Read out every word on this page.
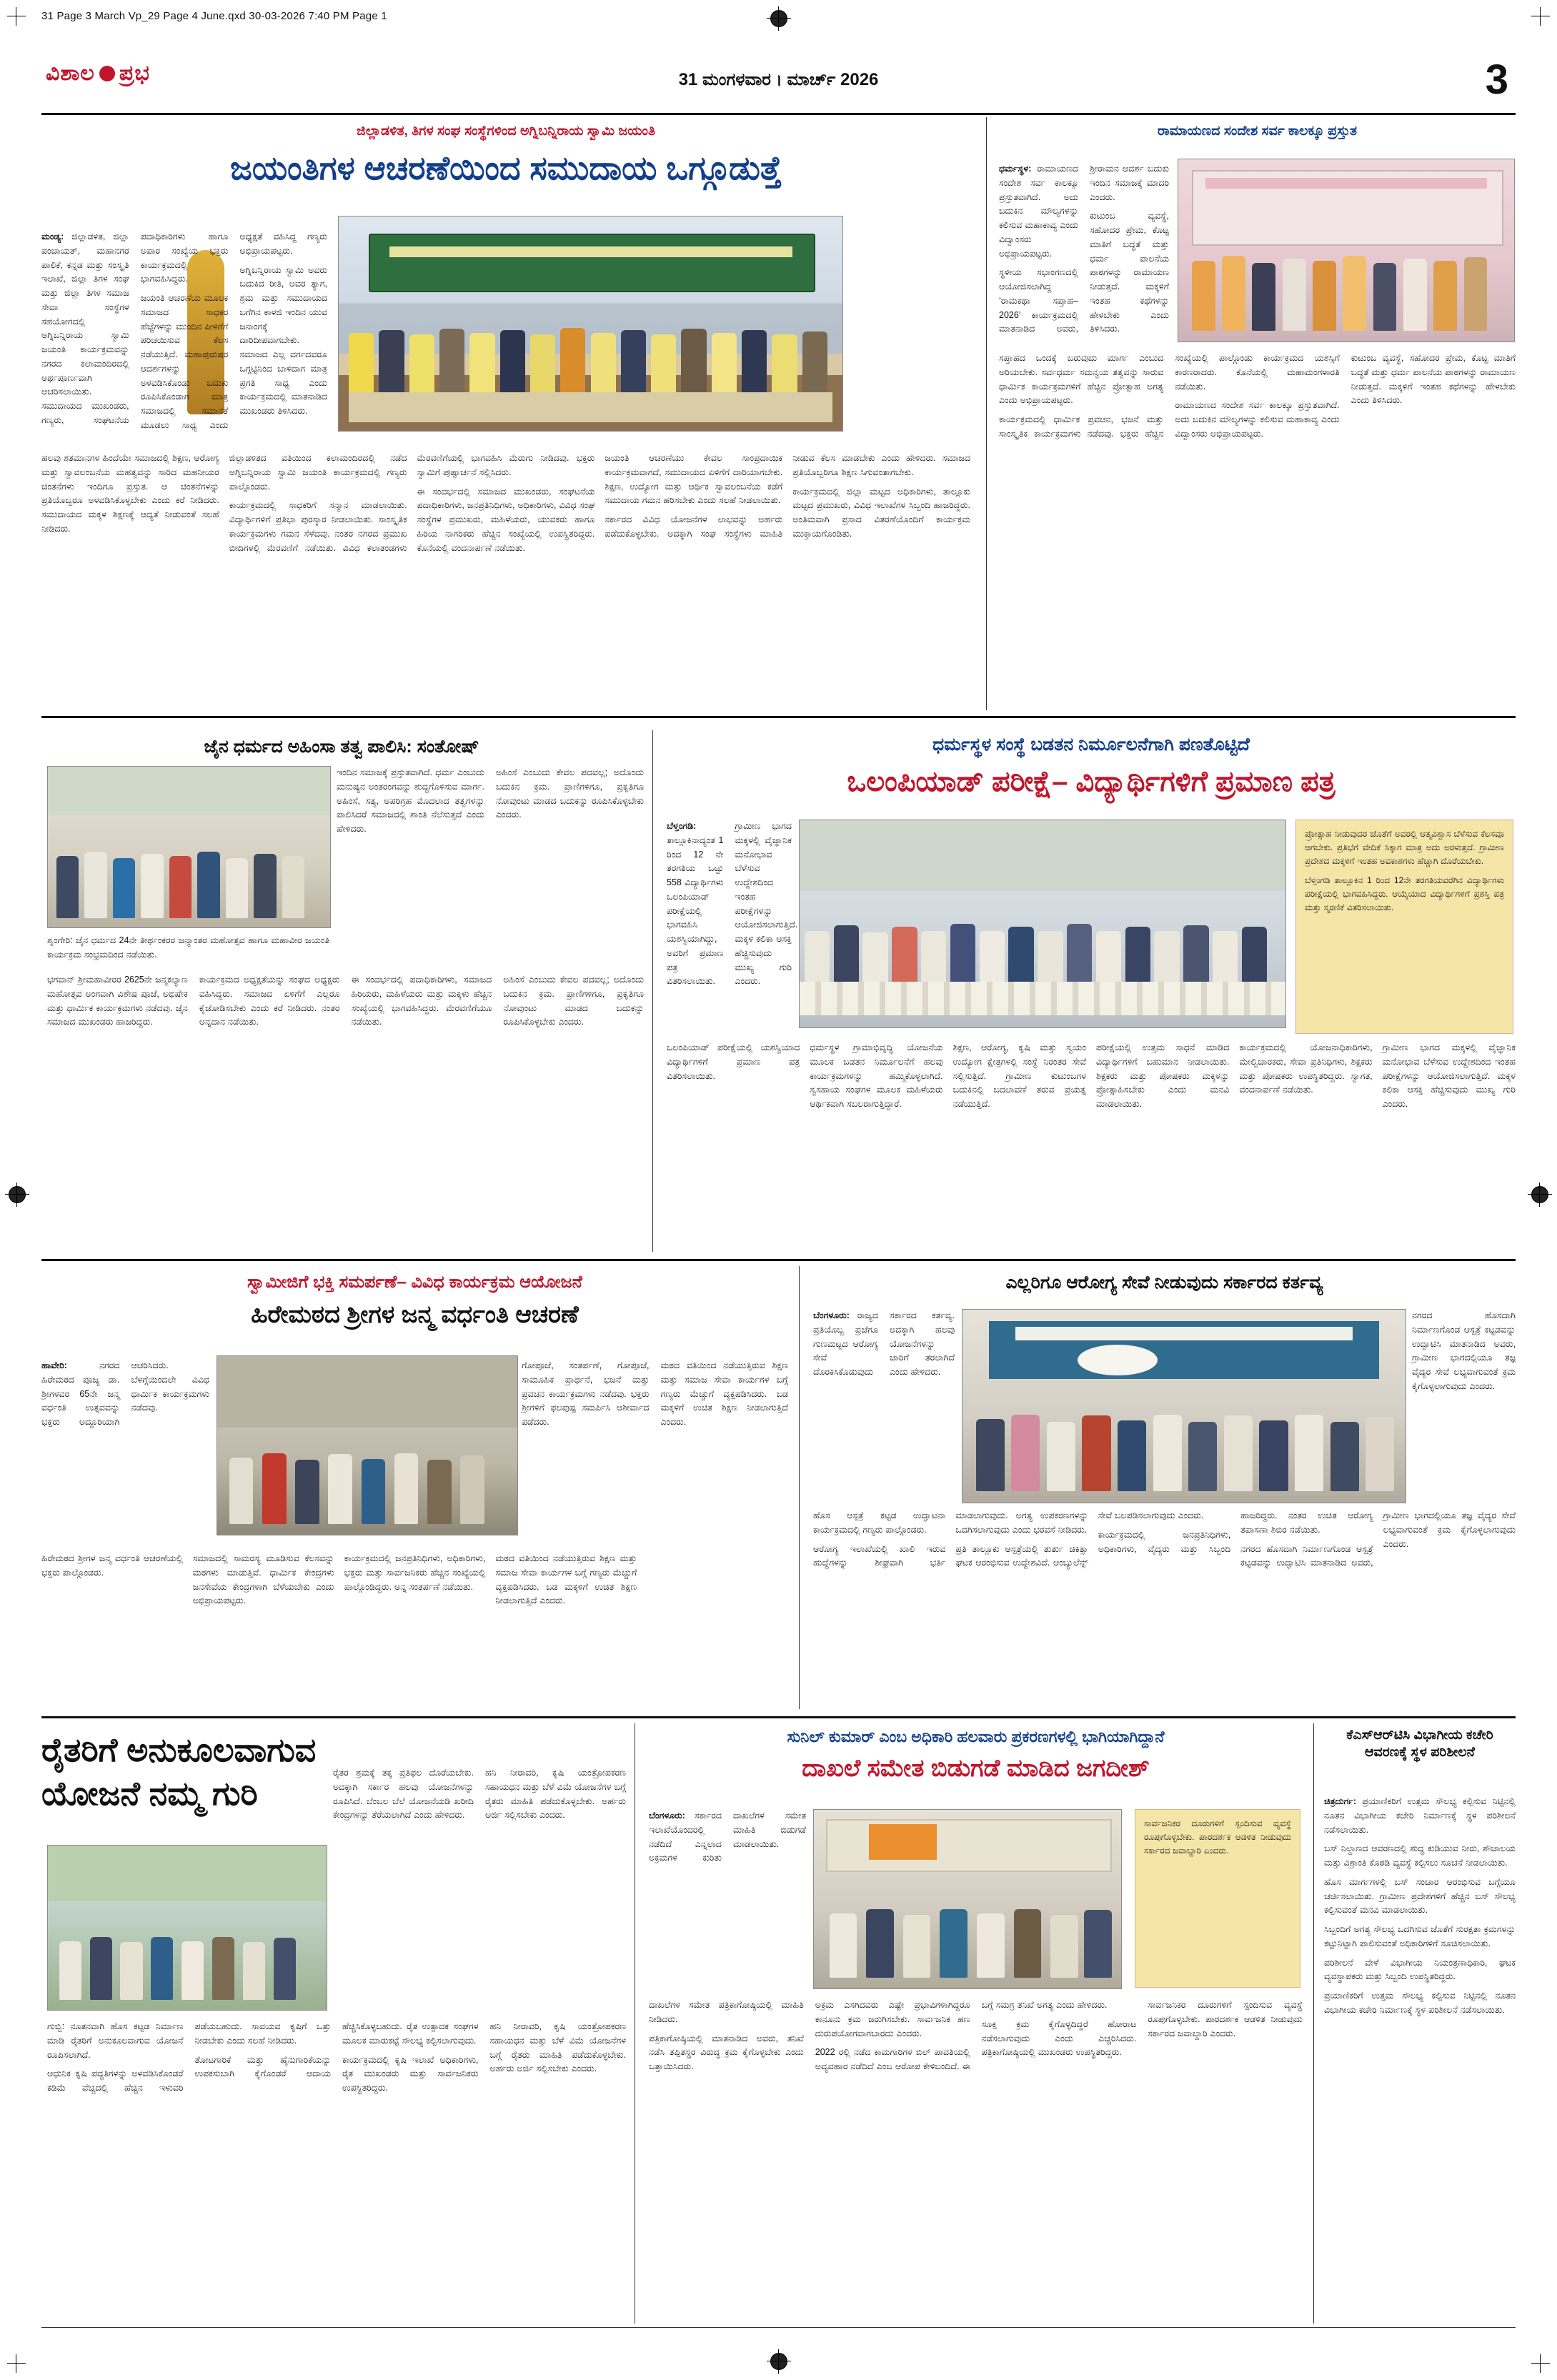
31 Page 3 March Vp_29 Page 4 June.qxd 30-03-2026 7:40 PM Page 1
ವಿಶಾಲ ಪ್ರಭ	31 ಮಂಗಳವಾರ । ಮಾರ್ಚ್ 2026	3
ಜಿಲ್ಲಾಡಳಿತ, ತಿಗಳ ಸಂಘ ಸಂಸ್ಥೆಗಳಿಂದ ಅಗ್ನಿಬನ್ನಿರಾಯ ಸ್ವಾಮಿ ಜಯಂತಿ
ಜಯಂತಿಗಳ ಆಚರಣೆಯಿಂದ ಸಮುದಾಯ ಒಗ್ಗೂಡುತ್ತೆ

ಮಂಡ್ಯ: ಜಿಲ್ಲಾಡಳಿತ, ಜಿಲ್ಲಾ ಪಂಚಾಯತ್, ಮಹಾನಗರ ಪಾಲಿಕೆ, ಕನ್ನಡ ಮತ್ತು ಸಂಸ್ಕೃತಿ ಇಲಾಖೆ, ಜಿಲ್ಲಾ ತಿಗಳ ಸಂಘ ಮತ್ತು ಜಿಲ್ಲಾ ತಿಗಳ ಸಮಾಜ ಸೇವಾ ಸಂಸ್ಥೆಗಳ ಸಹಯೋಗದಲ್ಲಿ ಅಗ್ನಿಬನ್ನಿರಾಯ ಸ್ವಾಮಿ ಜಯಂತಿ ಕಾರ್ಯಕ್ರಮವನ್ನು ನಗರದ ಕಲಾಮಂದಿರದಲ್ಲಿ ಅರ್ಥಪೂರ್ಣವಾಗಿ ಆಚರಿಸಲಾಯಿತು. ಸಮುದಾಯದ ಮುಖಂಡರು, ಗಣ್ಯರು, ಸಂಘಟನೆಯ ಪದಾಧಿಕಾರಿಗಳು ಹಾಗೂ ಅಪಾರ ಸಂಖ್ಯೆಯ ಭಕ್ತರು ಕಾರ್ಯಕ್ರಮದಲ್ಲಿ ಭಾಗವಹಿಸಿದ್ದರು.

ಜಯಂತಿ ಆಚರಣೆಯ ಮೂಲಕ ಸಮಾಜದ ಸಾಧಕರ ಹೆಜ್ಜೆಗಳನ್ನು ಮುಂದಿನ ಪೀಳಿಗೆಗೆ ಪರಿಚಯಿಸುವ ಕೆಲಸ ನಡೆಯುತ್ತಿದೆ. ಮಹಾಪುರುಷರ ಆದರ್ಶಗಳನ್ನು ಅಳವಡಿಸಿಕೊಂಡು ಬದುಕು ರೂಪಿಸಿಕೊಂಡಾಗ ಮಾತ್ರ ಸಮಾಜದಲ್ಲಿ ಸಮಾನತೆ ಮೂಡಲು ಸಾಧ್ಯ ಎಂದು ಅಧ್ಯಕ್ಷತೆ ವಹಿಸಿದ್ದ ಗಣ್ಯರು ಅಭಿಪ್ರಾಯಪಟ್ಟರು.

ಅಗ್ನಿಬನ್ನಿರಾಯ ಸ್ವಾಮಿ ಅವರು ಬದುಕಿದ ರೀತಿ, ಅವರ ತ್ಯಾಗ, ಶ್ರಮ ಮತ್ತು ಸಮುದಾಯದ ಬಗೆಗಿನ ಕಾಳಜಿ ಇಂದಿನ ಯುವ ಜನಾಂಗಕ್ಕೆ ದಾರಿದೀಪವಾಗಬೇಕು. ಸಮಾಜದ ಎಲ್ಲ ವರ್ಗದವರೂ ಒಗ್ಗಟ್ಟಿನಿಂದ ಬಾಳಿದಾಗ ಮಾತ್ರ ಪ್ರಗತಿ ಸಾಧ್ಯ ಎಂದು ಕಾರ್ಯಕ್ರಮದಲ್ಲಿ ಮಾತನಾಡಿದ ಮುಖಂಡರು ತಿಳಿಸಿದರು.

ಹಲವು ಶತಮಾನಗಳ ಹಿಂದೆಯೇ ಸಮಾಜದಲ್ಲಿ ಶಿಕ್ಷಣ, ಆರೋಗ್ಯ ಮತ್ತು ಸ್ವಾವಲಂಬನೆಯ ಮಹತ್ವವನ್ನು ಸಾರಿದ ಮಹನೀಯರ ಚಿಂತನೆಗಳು ಇಂದಿಗೂ ಪ್ರಸ್ತುತ. ಆ ಚಿಂತನೆಗಳನ್ನು ಪ್ರತಿಯೊಬ್ಬರೂ ಅಳವಡಿಸಿಕೊಳ್ಳಬೇಕು ಎಂದು ಕರೆ ನೀಡಿದರು. ಸಮುದಾಯದ ಮಕ್ಕಳ ಶಿಕ್ಷಣಕ್ಕೆ ಆದ್ಯತೆ ನೀಡುವಂತೆ ಸಲಹೆ ನೀಡಿದರು.

ಜಿಲ್ಲಾಡಳಿತದ ವತಿಯಿಂದ ಕಲಾಮಂದಿರದಲ್ಲಿ ನಡೆದ ಅಗ್ನಿಬನ್ನಿರಾಯ ಸ್ವಾಮಿ ಜಯಂತಿ ಕಾರ್ಯಕ್ರಮದಲ್ಲಿ ಗಣ್ಯರು ಪಾಲ್ಗೊಂಡರು.

ಕಾರ್ಯಕ್ರಮದಲ್ಲಿ ಸಾಧಕರಿಗೆ ಸನ್ಮಾನ ಮಾಡಲಾಯಿತು. ವಿದ್ಯಾರ್ಥಿಗಳಿಗೆ ಪ್ರತಿಭಾ ಪುರಸ್ಕಾರ ನೀಡಲಾಯಿತು. ಸಾಂಸ್ಕೃತಿಕ ಕಾರ್ಯಕ್ರಮಗಳು ಗಮನ ಸೆಳೆದವು. ನಂತರ ನಗರದ ಪ್ರಮುಖ ಬೀದಿಗಳಲ್ಲಿ ಮೆರವಣಿಗೆ ನಡೆಯಿತು. ವಿವಿಧ ಕಲಾತಂಡಗಳು ಮೆರವಣಿಗೆಯಲ್ಲಿ ಭಾಗವಹಿಸಿ ಮೆರುಗು ನೀಡಿದವು. ಭಕ್ತರು ಸ್ವಾಮಿಗೆ ಪುಷ್ಪಾರ್ಚನೆ ಸಲ್ಲಿಸಿದರು.

ಈ ಸಂದರ್ಭದಲ್ಲಿ ಸಮಾಜದ ಮುಖಂಡರು, ಸಂಘಟನೆಯ ಪದಾಧಿಕಾರಿಗಳು, ಜನಪ್ರತಿನಿಧಿಗಳು, ಅಧಿಕಾರಿಗಳು, ವಿವಿಧ ಸಂಘ ಸಂಸ್ಥೆಗಳ ಪ್ರಮುಖರು, ಮಹಿಳೆಯರು, ಯುವಕರು ಹಾಗೂ ಹಿರಿಯ ನಾಗರಿಕರು ಹೆಚ್ಚಿನ ಸಂಖ್ಯೆಯಲ್ಲಿ ಉಪಸ್ಥಿತರಿದ್ದರು. ಕೊನೆಯಲ್ಲಿ ವಂದನಾರ್ಪಣೆ ನಡೆಯಿತು.

ಜಯಂತಿ ಆಚರಣೆಯು ಕೇವಲ ಸಾಂಪ್ರದಾಯಿಕ ಕಾರ್ಯಕ್ರಮವಾಗದೆ, ಸಮುದಾಯದ ಏಳಿಗೆಗೆ ದಾರಿಯಾಗಬೇಕು. ಶಿಕ್ಷಣ, ಉದ್ಯೋಗ ಮತ್ತು ಆರ್ಥಿಕ ಸ್ವಾವಲಂಬನೆಯ ಕಡೆಗೆ ಸಮುದಾಯ ಗಮನ ಹರಿಸಬೇಕು ಎಂದು ಸಲಹೆ ನೀಡಲಾಯಿತು.

ಸರ್ಕಾರದ ವಿವಿಧ ಯೋಜನೆಗಳ ಲಾಭವನ್ನು ಅರ್ಹರು ಪಡೆದುಕೊಳ್ಳಬೇಕು. ಅದಕ್ಕಾಗಿ ಸಂಘ ಸಂಸ್ಥೆಗಳು ಮಾಹಿತಿ ನೀಡುವ ಕೆಲಸ ಮಾಡಬೇಕು ಎಂದು ಹೇಳಿದರು. ಸಮಾಜದ ಪ್ರತಿಯೊಬ್ಬರಿಗೂ ಶಿಕ್ಷಣ ಸಿಗುವಂತಾಗಬೇಕು.

ಕಾರ್ಯಕ್ರಮದಲ್ಲಿ ಜಿಲ್ಲಾ ಮಟ್ಟದ ಅಧಿಕಾರಿಗಳು, ತಾಲ್ಲೂಕು ಮಟ್ಟದ ಪ್ರಮುಖರು, ವಿವಿಧ ಇಲಾಖೆಗಳ ಸಿಬ್ಬಂದಿ ಹಾಜರಿದ್ದರು. ಅಂತಿಮವಾಗಿ ಪ್ರಸಾದ ವಿತರಣೆಯೊಂದಿಗೆ ಕಾರ್ಯಕ್ರಮ ಮುಕ್ತಾಯಗೊಂಡಿತು.

ರಾಮಾಯಣದ ಸಂದೇಶ ಸರ್ವ ಕಾಲಕ್ಕೂ ಪ್ರಸ್ತುತ

ಧರ್ಮಸ್ಥಳ: ರಾಮಾಯಣದ ಸಂದೇಶ ಸರ್ವ ಕಾಲಕ್ಕೂ ಪ್ರಸ್ತುತವಾಗಿದೆ. ಅದು ಬದುಕಿನ ಮೌಲ್ಯಗಳನ್ನು ಕಲಿಸುವ ಮಹಾಕಾವ್ಯ ಎಂದು ವಿದ್ವಾಂಸರು ಅಭಿಪ್ರಾಯಪಟ್ಟರು.

ಸ್ಥಳೀಯ ಸಭಾಂಗಣದಲ್ಲಿ ಆಯೋಜಿಸಲಾಗಿದ್ದ ‘ರಾಮಕಥಾ ಸಪ್ತಾಹ–2026’ ಕಾರ್ಯಕ್ರಮದಲ್ಲಿ ಮಾತನಾಡಿದ ಅವರು, ಶ್ರೀರಾಮನ ಆದರ್ಶ ಬದುಕು ಇಂದಿನ ಸಮಾಜಕ್ಕೆ ಮಾದರಿ ಎಂದರು.

ಕುಟುಂಬ ವ್ಯವಸ್ಥೆ, ಸಹೋದರ ಪ್ರೇಮ, ಕೊಟ್ಟ ಮಾತಿಗೆ ಬದ್ಧತೆ ಮತ್ತು ಧರ್ಮ ಪಾಲನೆಯ ಪಾಠಗಳನ್ನು ರಾಮಾಯಣ ನೀಡುತ್ತದೆ. ಮಕ್ಕಳಿಗೆ ಇಂತಹ ಕಥೆಗಳನ್ನು ಹೇಳಬೇಕು ಎಂದು ತಿಳಿಸಿದರು.

ಸಪ್ತಾಹದ ಒಂದಕ್ಕೆ ಬರುವುದು ಮಾರ್ಗ ಎಂಬುದ ಅರಿಯಬೇಕು. ಸರ್ವಧರ್ಮ ಸಮನ್ವಯ ತತ್ವವನ್ನು ಸಾರುವ ಧಾರ್ಮಿಕ ಕಾರ್ಯಕ್ರಮಗಳಿಗೆ ಹೆಚ್ಚಿನ ಪ್ರೋತ್ಸಾಹ ಅಗತ್ಯ ಎಂದು ಅಭಿಪ್ರಾಯಪಟ್ಟರು.

ಕಾರ್ಯಕ್ರಮದಲ್ಲಿ ಧಾರ್ಮಿಕ ಪ್ರವಚನ, ಭಜನೆ ಮತ್ತು ಸಾಂಸ್ಕೃತಿಕ ಕಾರ್ಯಕ್ರಮಗಳು ನಡೆದವು. ಭಕ್ತರು ಹೆಚ್ಚಿನ ಸಂಖ್ಯೆಯಲ್ಲಿ ಪಾಲ್ಗೊಂಡು ಕಾರ್ಯಕ್ರಮದ ಯಶಸ್ಸಿಗೆ ಕಾರಣರಾದರು. ಕೊನೆಯಲ್ಲಿ ಮಹಾಮಂಗಳಾರತಿ ನಡೆಯಿತು.

ರಾಮಾಯಣದ ಸಂದೇಶ ಸರ್ವ ಕಾಲಕ್ಕೂ ಪ್ರಸ್ತುತವಾಗಿದೆ. ಅದು ಬದುಕಿನ ಮೌಲ್ಯಗಳನ್ನು ಕಲಿಸುವ ಮಹಾಕಾವ್ಯ ಎಂದು ವಿದ್ವಾಂಸರು ಅಭಿಪ್ರಾಯಪಟ್ಟರು.

ಕುಟುಂಬ ವ್ಯವಸ್ಥೆ, ಸಹೋದರ ಪ್ರೇಮ, ಕೊಟ್ಟ ಮಾತಿಗೆ ಬದ್ಧತೆ ಮತ್ತು ಧರ್ಮ ಪಾಲನೆಯ ಪಾಠಗಳನ್ನು ರಾಮಾಯಣ ನೀಡುತ್ತದೆ. ಮಕ್ಕಳಿಗೆ ಇಂತಹ ಕಥೆಗಳನ್ನು ಹೇಳಬೇಕು ಎಂದು ತಿಳಿಸಿದರು.

ಜೈನ ಧರ್ಮದ ಅಹಿಂಸಾ ತತ್ವ ಪಾಲಿಸಿ: ಸಂತೋಷ್

ಶೃಂಗೇರಿ: ಜೈನ ಧರ್ಮದ 24ನೇ ತೀರ್ಥಂಕರರ ಜನ್ಮಾಂತರ ಮಹೋತ್ಸವ ಹಾಗೂ ಮಹಾವೀರ ಜಯಂತಿ ಕಾರ್ಯಕ್ರಮ ಸಂಭ್ರಮದಿಂದ ನಡೆಯಿತು.

ಇಂದಿನ ಸಮಾಜಕ್ಕೆ ಪ್ರಸ್ತುತವಾಗಿದೆ. ಧರ್ಮ ಎಂಬುದು ಮನುಷ್ಯನ ಅಂತರಂಗವನ್ನು ಶುದ್ಧಗೊಳಿಸುವ ಮಾರ್ಗ. ಅಹಿಂಸೆ, ಸತ್ಯ, ಅಪರಿಗ್ರಹ ಮೊದಲಾದ ತತ್ವಗಳನ್ನು ಪಾಲಿಸಿದರೆ ಸಮಾಜದಲ್ಲಿ ಶಾಂತಿ ನೆಲೆಸುತ್ತದೆ ಎಂದು ಹೇಳಿದರು.

ಅಹಿಂಸೆ ಎಂಬುದು ಕೇವಲ ಪದವಲ್ಲ; ಅದೊಂದು ಬದುಕಿನ ಕ್ರಮ. ಪ್ರಾಣಿಗಳಿಗೂ, ಪ್ರಕೃತಿಗೂ ನೋವುಂಟು ಮಾಡದ ಬದುಕನ್ನು ರೂಪಿಸಿಕೊಳ್ಳಬೇಕು ಎಂದರು.

ಭಗವಾನ್ ಶ್ರೀಮಹಾವೀರರ 2625ನೇ ಜನ್ಮಕಲ್ಯಾಣ ಮಹೋತ್ಸವ ಅಂಗವಾಗಿ ವಿಶೇಷ ಪೂಜೆ, ಅಭಿಷೇಕ ಮತ್ತು ಧಾರ್ಮಿಕ ಕಾರ್ಯಕ್ರಮಗಳು ನಡೆದವು. ಜೈನ ಸಮಾಜದ ಮುಖಂಡರು ಹಾಜರಿದ್ದರು.

ಕಾರ್ಯಕ್ರಮದ ಅಧ್ಯಕ್ಷತೆಯನ್ನು ಸಂಘದ ಅಧ್ಯಕ್ಷರು ವಹಿಸಿದ್ದರು. ಸಮಾಜದ ಏಳಿಗೆಗೆ ಎಲ್ಲರೂ ಕೈಜೋಡಿಸಬೇಕು ಎಂದು ಕರೆ ನೀಡಿದರು. ನಂತರ ಅನ್ನದಾನ ನಡೆಯಿತು.

ಈ ಸಂದರ್ಭದಲ್ಲಿ ಪದಾಧಿಕಾರಿಗಳು, ಸಮಾಜದ ಹಿರಿಯರು, ಮಹಿಳೆಯರು ಮತ್ತು ಮಕ್ಕಳು ಹೆಚ್ಚಿನ ಸಂಖ್ಯೆಯಲ್ಲಿ ಭಾಗವಹಿಸಿದ್ದರು. ಮೆರವಣಿಗೆಯೂ ನಡೆಯಿತು.

ಅಹಿಂಸೆ ಎಂಬುದು ಕೇವಲ ಪದವಲ್ಲ; ಅದೊಂದು ಬದುಕಿನ ಕ್ರಮ. ಪ್ರಾಣಿಗಳಿಗೂ, ಪ್ರಕೃತಿಗೂ ನೋವುಂಟು ಮಾಡದ ಬದುಕನ್ನು ರೂಪಿಸಿಕೊಳ್ಳಬೇಕು ಎಂದರು.

ಧರ್ಮಸ್ಥಳ ಸಂಸ್ಥೆ ಬಡತನ ನಿರ್ಮೂಲನೆಗಾಗಿ ಪಣತೊಟ್ಟಿದೆ
ಒಲಂಪಿಯಾಡ್ ಪರೀಕ್ಷೆ– ವಿದ್ಯಾರ್ಥಿಗಳಿಗೆ ಪ್ರಮಾಣ ಪತ್ರ
ಪ್ರೋತ್ಸಾಹ ನೀಡುವುದರ ಜೊತೆಗೆ ಅವರಲ್ಲಿ ಆತ್ಮವಿಶ್ವಾಸ ಬೆಳೆಸುವ ಕೆಲಸವೂ ಆಗಬೇಕು. ಪ್ರತಿಭೆಗೆ ವೇದಿಕೆ ಸಿಕ್ಕಾಗ ಮಾತ್ರ ಅದು ಅರಳುತ್ತದೆ. ಗ್ರಾಮೀಣ ಪ್ರದೇಶದ ಮಕ್ಕಳಿಗೆ ಇಂತಹ ಅವಕಾಶಗಳು ಹೆಚ್ಚಾಗಿ ದೊರೆಯಬೇಕು.
ಬೆಳ್ತಂಗಡಿ ತಾಲ್ಲೂಕಿನ 1 ರಿಂದ 12ನೇ ತರಗತಿಯವರೆಗಿನ ವಿದ್ಯಾರ್ಥಿಗಳು ಪರೀಕ್ಷೆಯಲ್ಲಿ ಭಾಗವಹಿಸಿದ್ದರು. ಆಯ್ಕೆಯಾದ ವಿದ್ಯಾರ್ಥಿಗಳಿಗೆ ಪ್ರಶಸ್ತಿ ಪತ್ರ ಮತ್ತು ಸ್ಮರಣಿಕೆ ವಿತರಿಸಲಾಯಿತು.

ಬೆಳ್ತಂಗಡಿ: ತಾಲ್ಲೂಕಿನಾದ್ಯಂತ 1 ರಿಂದ 12 ನೇ ತರಗತಿಯ ಒಟ್ಟು 558 ವಿದ್ಯಾರ್ಥಿಗಳು ಒಲಂಪಿಯಾಡ್ ಪರೀಕ್ಷೆಯಲ್ಲಿ ಭಾಗವಹಿಸಿ ಯಶಸ್ವಿಯಾಗಿದ್ದು, ಅವರಿಗೆ ಪ್ರಮಾಣ ಪತ್ರ ವಿತರಿಸಲಾಯಿತು.

ಗ್ರಾಮೀಣ ಭಾಗದ ಮಕ್ಕಳಲ್ಲಿ ವೈಜ್ಞಾನಿಕ ಮನೋಭಾವ ಬೆಳೆಸುವ ಉದ್ದೇಶದಿಂದ ಇಂತಹ ಪರೀಕ್ಷೆಗಳನ್ನು ಆಯೋಜಿಸಲಾಗುತ್ತಿದೆ. ಮಕ್ಕಳ ಕಲಿಕಾ ಆಸಕ್ತಿ ಹೆಚ್ಚಿಸುವುದು ಮುಖ್ಯ ಗುರಿ ಎಂದರು.

ಒಲಂಪಿಯಾಡ್ ಪರೀಕ್ಷೆಯಲ್ಲಿ ಯಶಸ್ವಿಯಾದ ವಿದ್ಯಾರ್ಥಿಗಳಿಗೆ ಪ್ರಮಾಣ ಪತ್ರ ವಿತರಿಸಲಾಯಿತು.

ಧರ್ಮಸ್ಥಳ ಗ್ರಾಮಾಭಿವೃದ್ಧಿ ಯೋಜನೆಯ ಮೂಲಕ ಬಡತನ ನಿರ್ಮೂಲನೆಗೆ ಹಲವು ಕಾರ್ಯಕ್ರಮಗಳನ್ನು ಹಮ್ಮಿಕೊಳ್ಳಲಾಗಿದೆ. ಸ್ವಸಹಾಯ ಸಂಘಗಳ ಮೂಲಕ ಮಹಿಳೆಯರು ಆರ್ಥಿಕವಾಗಿ ಸಬಲರಾಗುತ್ತಿದ್ದಾರೆ.

ಶಿಕ್ಷಣ, ಆರೋಗ್ಯ, ಕೃಷಿ ಮತ್ತು ಸ್ವಯಂ ಉದ್ಯೋಗ ಕ್ಷೇತ್ರಗಳಲ್ಲಿ ಸಂಸ್ಥೆ ನಿರಂತರ ಸೇವೆ ಸಲ್ಲಿಸುತ್ತಿದೆ. ಗ್ರಾಮೀಣ ಕುಟುಂಬಗಳ ಬದುಕಿನಲ್ಲಿ ಬದಲಾವಣೆ ತರುವ ಪ್ರಯತ್ನ ನಡೆಯುತ್ತಿದೆ.

ಪರೀಕ್ಷೆಯಲ್ಲಿ ಉತ್ತಮ ಸಾಧನೆ ಮಾಡಿದ ವಿದ್ಯಾರ್ಥಿಗಳಿಗೆ ಬಹುಮಾನ ನೀಡಲಾಯಿತು. ಶಿಕ್ಷಕರು ಮತ್ತು ಪೋಷಕರು ಮಕ್ಕಳನ್ನು ಪ್ರೋತ್ಸಾಹಿಸಬೇಕು ಎಂದು ಮನವಿ ಮಾಡಲಾಯಿತು.

ಕಾರ್ಯಕ್ರಮದಲ್ಲಿ ಯೋಜನಾಧಿಕಾರಿಗಳು, ಮೇಲ್ವಿಚಾರಕರು, ಸೇವಾ ಪ್ರತಿನಿಧಿಗಳು, ಶಿಕ್ಷಕರು ಮತ್ತು ಪೋಷಕರು ಉಪಸ್ಥಿತರಿದ್ದರು. ಸ್ವಾಗತ, ವಂದನಾರ್ಪಣೆ ನಡೆಯಿತು.

ಗ್ರಾಮೀಣ ಭಾಗದ ಮಕ್ಕಳಲ್ಲಿ ವೈಜ್ಞಾನಿಕ ಮನೋಭಾವ ಬೆಳೆಸುವ ಉದ್ದೇಶದಿಂದ ಇಂತಹ ಪರೀಕ್ಷೆಗಳನ್ನು ಆಯೋಜಿಸಲಾಗುತ್ತಿದೆ. ಮಕ್ಕಳ ಕಲಿಕಾ ಆಸಕ್ತಿ ಹೆಚ್ಚಿಸುವುದು ಮುಖ್ಯ ಗುರಿ ಎಂದರು.

ಸ್ವಾಮೀಜಿಗೆ ಭಕ್ತಿ ಸಮರ್ಪಣೆ– ವಿವಿಧ ಕಾರ್ಯಕ್ರಮ ಆಯೋಜನೆ
ಹಿರೇಮಠದ ಶ್ರೀಗಳ ಜನ್ಮ ವರ್ಧಂತಿ ಆಚರಣೆ

ಹಾವೇರಿ:	ನಗರದ ಹಿರೇಮಠದ ಪೂಜ್ಯ ಡಾ. ಶ್ರೀಗಳವರ 65ನೇ ಜನ್ಮ ವರ್ಧಂತಿ ಉತ್ಸವವನ್ನು ಭಕ್ತರು ಅದ್ದೂರಿಯಾಗಿ ಆಚರಿಸಿದರು. ಬೆಳಗ್ಗೆಯಿಂದಲೇ ವಿವಿಧ ಧಾರ್ಮಿಕ ಕಾರ್ಯಕ್ರಮಗಳು ನಡೆದವು.

ಗೋಪೂಜೆ, ಸಂತರ್ಪಣೆ, ಗೋಪೂಜೆ, ಸಾಮೂಹಿಕ ಪ್ರಾರ್ಥನೆ, ಭಜನೆ ಮತ್ತು ಪ್ರವಚನ ಕಾರ್ಯಕ್ರಮಗಳು ನಡೆದವು. ಭಕ್ತರು ಶ್ರೀಗಳಿಗೆ ಫಲಪುಷ್ಪ ಸಮರ್ಪಿಸಿ ಆಶೀರ್ವಾದ ಪಡೆದರು.

ಮಠದ ವತಿಯಿಂದ ನಡೆಯುತ್ತಿರುವ ಶಿಕ್ಷಣ ಮತ್ತು ಸಮಾಜ ಸೇವಾ ಕಾರ್ಯಗಳ ಬಗ್ಗೆ ಗಣ್ಯರು ಮೆಚ್ಚುಗೆ ವ್ಯಕ್ತಪಡಿಸಿದರು. ಬಡ ಮಕ್ಕಳಿಗೆ ಉಚಿತ ಶಿಕ್ಷಣ ನೀಡಲಾಗುತ್ತಿದೆ ಎಂದರು.

ಹಿರೇಮಠದ ಶ್ರೀಗಳ ಜನ್ಮ ವರ್ಧಂತಿ ಆಚರಣೆಯಲ್ಲಿ ಭಕ್ತರು ಪಾಲ್ಗೊಂಡರು.

ಸಮಾಜದಲ್ಲಿ ಸಾಮರಸ್ಯ ಮೂಡಿಸುವ ಕೆಲಸವನ್ನು ಮಠಗಳು ಮಾಡುತ್ತಿವೆ. ಧಾರ್ಮಿಕ ಕೇಂದ್ರಗಳು ಜನಸೇವೆಯ ಕೇಂದ್ರಗಳಾಗಿ ಬೆಳೆಯಬೇಕು ಎಂದು ಅಭಿಪ್ರಾಯಪಟ್ಟರು.

ಕಾರ್ಯಕ್ರಮದಲ್ಲಿ ಜನಪ್ರತಿನಿಧಿಗಳು, ಅಧಿಕಾರಿಗಳು, ಭಕ್ತರು ಮತ್ತು ಸಾರ್ವಜನಿಕರು ಹೆಚ್ಚಿನ ಸಂಖ್ಯೆಯಲ್ಲಿ ಪಾಲ್ಗೊಂಡಿದ್ದರು. ಅನ್ನ ಸಂತರ್ಪಣೆ ನಡೆಯಿತು.

ಮಠದ ವತಿಯಿಂದ ನಡೆಯುತ್ತಿರುವ ಶಿಕ್ಷಣ ಮತ್ತು ಸಮಾಜ ಸೇವಾ ಕಾರ್ಯಗಳ ಬಗ್ಗೆ ಗಣ್ಯರು ಮೆಚ್ಚುಗೆ ವ್ಯಕ್ತಪಡಿಸಿದರು. ಬಡ ಮಕ್ಕಳಿಗೆ ಉಚಿತ ಶಿಕ್ಷಣ ನೀಡಲಾಗುತ್ತಿದೆ ಎಂದರು.

ಎಲ್ಲರಿಗೂ ಆರೋಗ್ಯ ಸೇವೆ ನೀಡುವುದು ಸರ್ಕಾರದ ಕರ್ತವ್ಯ

ಬೆಂಗಳೂರು: ರಾಜ್ಯದ ಪ್ರತಿಯೊಬ್ಬ ಪ್ರಜೆಗೂ ಗುಣಮಟ್ಟದ ಆರೋಗ್ಯ ಸೇವೆ ದೊರಕಿಸಿಕೊಡುವುದು ಸರ್ಕಾರದ ಕರ್ತವ್ಯ. ಅದಕ್ಕಾಗಿ ಹಲವು ಯೋಜನೆಗಳನ್ನು ಜಾರಿಗೆ ತರಲಾಗಿದೆ ಎಂದು ಹೇಳಿದರು.

ನಗರದ ಹೊಸದಾಗಿ ನಿರ್ಮಾಣಗೊಂಡ ಆಸ್ಪತ್ರೆ ಕಟ್ಟಡವನ್ನು ಉದ್ಘಾಟಿಸಿ ಮಾತನಾಡಿದ ಅವರು, ಗ್ರಾಮೀಣ ಭಾಗದಲ್ಲಿಯೂ ತಜ್ಞ ವೈದ್ಯರ ಸೇವೆ ಲಭ್ಯವಾಗುವಂತೆ ಕ್ರಮ ಕೈಗೊಳ್ಳಲಾಗುವುದು ಎಂದರು.

ಹೊಸ ಆಸ್ಪತ್ರೆ ಕಟ್ಟಡ ಉದ್ಘಾಟನಾ ಕಾರ್ಯಕ್ರಮದಲ್ಲಿ ಗಣ್ಯರು ಪಾಲ್ಗೊಂಡರು.

ಆರೋಗ್ಯ ಇಲಾಖೆಯಲ್ಲಿ ಖಾಲಿ ಇರುವ ಹುದ್ದೆಗಳನ್ನು ಶೀಘ್ರವಾಗಿ ಭರ್ತಿ ಮಾಡಲಾಗುವುದು. ಅಗತ್ಯ ಉಪಕರಣಗಳನ್ನು ಒದಗಿಸಲಾಗುವುದು ಎಂದು ಭರವಸೆ ನೀಡಿದರು.

ಪ್ರತಿ ತಾಲ್ಲೂಕು ಆಸ್ಪತ್ರೆಯಲ್ಲಿ ತುರ್ತು ಚಿಕಿತ್ಸಾ ಘಟಕ ಆರಂಭಿಸುವ ಉದ್ದೇಶವಿದೆ. ಆಂಬ್ಯುಲೆನ್ಸ್ ಸೇವೆ ಬಲಪಡಿಸಲಾಗುವುದು ಎಂದರು.

ಕಾರ್ಯಕ್ರಮದಲ್ಲಿ ಜನಪ್ರತಿನಿಧಿಗಳು, ಅಧಿಕಾರಿಗಳು, ವೈದ್ಯರು ಮತ್ತು ಸಿಬ್ಬಂದಿ ಹಾಜರಿದ್ದರು. ನಂತರ ಉಚಿತ ಆರೋಗ್ಯ ತಪಾಸಣಾ ಶಿಬಿರ ನಡೆಯಿತು.

ನಗರದ ಹೊಸದಾಗಿ ನಿರ್ಮಾಣಗೊಂಡ ಆಸ್ಪತ್ರೆ ಕಟ್ಟಡವನ್ನು ಉದ್ಘಾಟಿಸಿ ಮಾತನಾಡಿದ ಅವರು, ಗ್ರಾಮೀಣ ಭಾಗದಲ್ಲಿಯೂ ತಜ್ಞ ವೈದ್ಯರ ಸೇವೆ ಲಭ್ಯವಾಗುವಂತೆ ಕ್ರಮ ಕೈಗೊಳ್ಳಲಾಗುವುದು ಎಂದರು.

ರೈತರಿಗೆ ಅನುಕೂಲವಾಗುವ
ಯೋಜನೆ ನಮ್ಮ ಗುರಿ

ರೈತರ ಶ್ರಮಕ್ಕೆ ತಕ್ಕ ಪ್ರತಿಫಲ ದೊರೆಯಬೇಕು. ಅದಕ್ಕಾಗಿ ಸರ್ಕಾರ ಹಲವು ಯೋಜನೆಗಳನ್ನು ರೂಪಿಸಿದೆ. ಬೆಂಬಲ ಬೆಲೆ ಯೋಜನೆಯಡಿ ಖರೀದಿ ಕೇಂದ್ರಗಳನ್ನು ತೆರೆಯಲಾಗಿದೆ ಎಂದು ಹೇಳಿದರು.

ಹನಿ ನೀರಾವರಿ, ಕೃಷಿ ಯಂತ್ರೋಪಕರಣ ಸಹಾಯಧನ ಮತ್ತು ಬೆಳೆ ವಿಮೆ ಯೋಜನೆಗಳ ಬಗ್ಗೆ ರೈತರು ಮಾಹಿತಿ ಪಡೆದುಕೊಳ್ಳಬೇಕು. ಅರ್ಹರು ಅರ್ಜಿ ಸಲ್ಲಿಸಬೇಕು ಎಂದರು.

ಗುಬ್ಬಿ: ನೂತನವಾಗಿ ಹೊಸ ಕಟ್ಟಡ ನಿರ್ಮಾಣ ಮಾಡಿ ರೈತರಿಗೆ ಅನುಕೂಲವಾಗುವ ಯೋಜನೆ ರೂಪಿಸಲಾಗಿದೆ.

ಆಧುನಿಕ ಕೃಷಿ ಪದ್ಧತಿಗಳನ್ನು ಅಳವಡಿಸಿಕೊಂಡರೆ ಕಡಿಮೆ ವೆಚ್ಚದಲ್ಲಿ ಹೆಚ್ಚಿನ ಇಳುವರಿ ಪಡೆಯಬಹುದು. ಸಾವಯವ ಕೃಷಿಗೆ ಒತ್ತು ನೀಡಬೇಕು ಎಂದು ಸಲಹೆ ನೀಡಿದರು.

ತೋಟಗಾರಿಕೆ ಮತ್ತು ಹೈನುಗಾರಿಕೆಯನ್ನು ಉಪಕಸುಬಾಗಿ ಕೈಗೊಂಡರೆ ಆದಾಯ ಹೆಚ್ಚಿಸಿಕೊಳ್ಳಬಹುದು. ರೈತ ಉತ್ಪಾದಕ ಸಂಘಗಳ ಮೂಲಕ ಮಾರುಕಟ್ಟೆ ಸೌಲಭ್ಯ ಕಲ್ಪಿಸಲಾಗುವುದು.

ಕಾರ್ಯಕ್ರಮದಲ್ಲಿ ಕೃಷಿ ಇಲಾಖೆ ಅಧಿಕಾರಿಗಳು, ರೈತ ಮುಖಂಡರು ಮತ್ತು ಸಾರ್ವಜನಿಕರು ಉಪಸ್ಥಿತರಿದ್ದರು.

ಹನಿ ನೀರಾವರಿ, ಕೃಷಿ ಯಂತ್ರೋಪಕರಣ ಸಹಾಯಧನ ಮತ್ತು ಬೆಳೆ ವಿಮೆ ಯೋಜನೆಗಳ ಬಗ್ಗೆ ರೈತರು ಮಾಹಿತಿ ಪಡೆದುಕೊಳ್ಳಬೇಕು. ಅರ್ಹರು ಅರ್ಜಿ ಸಲ್ಲಿಸಬೇಕು ಎಂದರು.

ಸುನಿಲ್ ಕುಮಾರ್ ಎಂಬ ಅಧಿಕಾರಿ ಹಲವಾರು ಪ್ರಕರಣಗಳಲ್ಲಿ ಭಾಗಿಯಾಗಿದ್ದಾನೆ
ದಾಖಲೆ ಸಮೇತ ಬಿಡುಗಡೆ ಮಾಡಿದ ಜಗದೀಶ್
ಸಾರ್ವಜನಿಕರ ದೂರುಗಳಿಗೆ ಸ್ಪಂದಿಸುವ ವ್ಯವಸ್ಥೆ ರೂಪುಗೊಳ್ಳಬೇಕು. ಪಾರದರ್ಶಕ ಆಡಳಿತ ನೀಡುವುದು ಸರ್ಕಾರದ ಜವಾಬ್ದಾರಿ ಎಂದರು.

ಬೆಂಗಳೂರು: ಸರ್ಕಾರದ ಇಲಾಖೆಯೊಂದರಲ್ಲಿ ನಡೆದಿದೆ ಎನ್ನಲಾದ ಅಕ್ರಮಗಳ ಕುರಿತು ದಾಖಲೆಗಳ ಸಮೇತ ಮಾಹಿತಿ ಬಿಡುಗಡೆ ಮಾಡಲಾಯಿತು.

ದಾಖಲೆಗಳ ಸಮೇತ ಪತ್ರಿಕಾಗೋಷ್ಠಿಯಲ್ಲಿ ಮಾಹಿತಿ ನೀಡಿದರು.

ಪತ್ರಿಕಾಗೋಷ್ಠಿಯಲ್ಲಿ ಮಾತನಾಡಿದ ಅವರು, ತನಿಖೆ ನಡೆಸಿ ತಪ್ಪಿತಸ್ಥರ ವಿರುದ್ಧ ಕ್ರಮ ಕೈಗೊಳ್ಳಬೇಕು ಎಂದು ಒತ್ತಾಯಿಸಿದರು.

ಅಕ್ರಮ ಎಸಗಿದವರು ಎಷ್ಟೇ ಪ್ರಭಾವಿಗಳಾಗಿದ್ದರೂ ಕಾನೂನು ಕ್ರಮ ಜರುಗಿಸಬೇಕು. ಸಾರ್ವಜನಿಕ ಹಣ ದುರುಪಯೋಗವಾಗಬಾರದು ಎಂದರು.

2022 ರಲ್ಲಿ ನಡೆದ ಕಾಮಗಾರಿಗಳ ಬಿಲ್ ಪಾವತಿಯಲ್ಲಿ ಅವ್ಯವಹಾರ ನಡೆದಿದೆ ಎಂಬ ಆರೋಪ ಕೇಳಿಬಂದಿದೆ. ಈ ಬಗ್ಗೆ ಸಮಗ್ರ ತನಿಖೆ ಅಗತ್ಯ ಎಂದು ಹೇಳಿದರು.

ಸೂಕ್ತ ಕ್ರಮ ಕೈಗೊಳ್ಳದಿದ್ದರೆ ಹೋರಾಟ ನಡೆಸಲಾಗುವುದು ಎಂದು ಎಚ್ಚರಿಸಿದರು. ಪತ್ರಿಕಾಗೋಷ್ಠಿಯಲ್ಲಿ ಮುಖಂಡರು ಉಪಸ್ಥಿತರಿದ್ದರು.

ಸಾರ್ವಜನಿಕರ ದೂರುಗಳಿಗೆ ಸ್ಪಂದಿಸುವ ವ್ಯವಸ್ಥೆ ರೂಪುಗೊಳ್ಳಬೇಕು. ಪಾರದರ್ಶಕ ಆಡಳಿತ ನೀಡುವುದು ಸರ್ಕಾರದ ಜವಾಬ್ದಾರಿ ಎಂದರು.

ಕೆಎಸ್ಆರ್‌ಟಿಸಿ ವಿಭಾಗೀಯ ಕಚೇರಿ ಆವರಣಕ್ಕೆ ಸ್ಥಳ ಪರಿಶೀಲನೆ

ಚಿತ್ರದುರ್ಗ: ಪ್ರಯಾಣಿಕರಿಗೆ ಉತ್ತಮ ಸೌಲಭ್ಯ ಕಲ್ಪಿಸುವ ನಿಟ್ಟಿನಲ್ಲಿ ನೂತನ ವಿಭಾಗೀಯ ಕಚೇರಿ ನಿರ್ಮಾಣಕ್ಕೆ ಸ್ಥಳ ಪರಿಶೀಲನೆ ನಡೆಸಲಾಯಿತು.

ಬಸ್ ನಿಲ್ದಾಣದ ಆವರಣದಲ್ಲಿ ಶುದ್ಧ ಕುಡಿಯುವ ನೀರು, ಶೌಚಾಲಯ ಮತ್ತು ವಿಶ್ರಾಂತಿ ಕೊಠಡಿ ವ್ಯವಸ್ಥೆ ಕಲ್ಪಿಸಲು ಸೂಚನೆ ನೀಡಲಾಯಿತು.

ಹೊಸ ಮಾರ್ಗಗಳಲ್ಲಿ ಬಸ್ ಸಂಚಾರ ಆರಂಭಿಸುವ ಬಗ್ಗೆಯೂ ಚರ್ಚಿಸಲಾಯಿತು. ಗ್ರಾಮೀಣ ಪ್ರದೇಶಗಳಿಗೆ ಹೆಚ್ಚಿನ ಬಸ್ ಸೌಲಭ್ಯ ಕಲ್ಪಿಸುವಂತೆ ಮನವಿ ಮಾಡಲಾಯಿತು.

ಸಿಬ್ಬಂದಿಗೆ ಅಗತ್ಯ ಸೌಲಭ್ಯ ಒದಗಿಸುವ ಜೊತೆಗೆ ಸುರಕ್ಷತಾ ಕ್ರಮಗಳನ್ನು ಕಟ್ಟುನಿಟ್ಟಾಗಿ ಪಾಲಿಸುವಂತೆ ಅಧಿಕಾರಿಗಳಿಗೆ ಸೂಚಿಸಲಾಯಿತು.

ಪರಿಶೀಲನೆ ವೇಳೆ ವಿಭಾಗೀಯ ನಿಯಂತ್ರಣಾಧಿಕಾರಿ, ಘಟಕ ವ್ಯವಸ್ಥಾಪಕರು ಮತ್ತು ಸಿಬ್ಬಂದಿ ಉಪಸ್ಥಿತರಿದ್ದರು.

ಪ್ರಯಾಣಿಕರಿಗೆ ಉತ್ತಮ ಸೌಲಭ್ಯ ಕಲ್ಪಿಸುವ ನಿಟ್ಟಿನಲ್ಲಿ ನೂತನ ವಿಭಾಗೀಯ ಕಚೇರಿ ನಿರ್ಮಾಣಕ್ಕೆ ಸ್ಥಳ ಪರಿಶೀಲನೆ ನಡೆಸಲಾಯಿತು.
